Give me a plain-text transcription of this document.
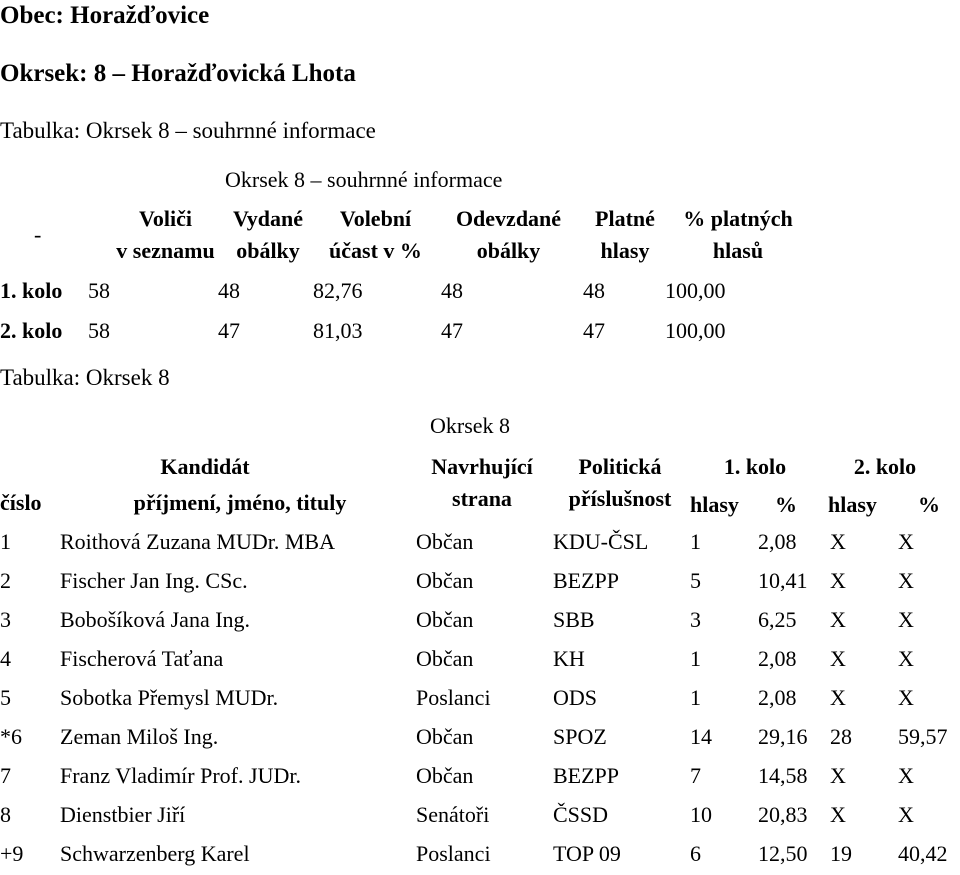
Obec: Horažďovice
Okrsek: 8 – Horažďovická Lhota
Tabulka: Okrsek 8 – souhrnné informace
Okrsek 8 – souhrnné informace
-
Voliči
v seznamu
Vydané
obálky
Volební
účast v %
Odevzdané
obálky
Platné
hlasy
% platných
hlasů
1. kolo 58	48	82,76	48	48	100,00
2. kolo 58	47	81,03	47	47	100,00
Tabulka: Okrsek 8
Okrsek 8
číslo
Kandidát
příjmení, jméno, tituly
Navrhující
strana
Politická
příslušnost
1. kolo	2. kolo
hlasy % hlasy %
1 Roithová Zuzana MUDr. MBA	Občan	KDU-ČSL 1	2,08 X X
2 Fischer Jan Ing. CSc.	Občan	BEZPP	5	10,41 X X
3 Bobošíková Jana Ing.	Občan	SBB	3	6,25 X X
4 Fischerová Taťana	Občan	KH	1	2,08 X X
5 Sobotka Přemysl MUDr.	Poslanci	ODS	1	2,08 X X
*6 Zeman Miloš Ing.	Občan	SPOZ	14 29,16 28 59,57
7 Franz Vladimír Prof. JUDr.	Občan	BEZPP	7	14,58 X X
8 Dienstbier Jiří	Senátoři	ČSSD	10 20,83 X X
+9 Schwarzenberg Karel	Poslanci	TOP 09	6	12,50 19 40,42
